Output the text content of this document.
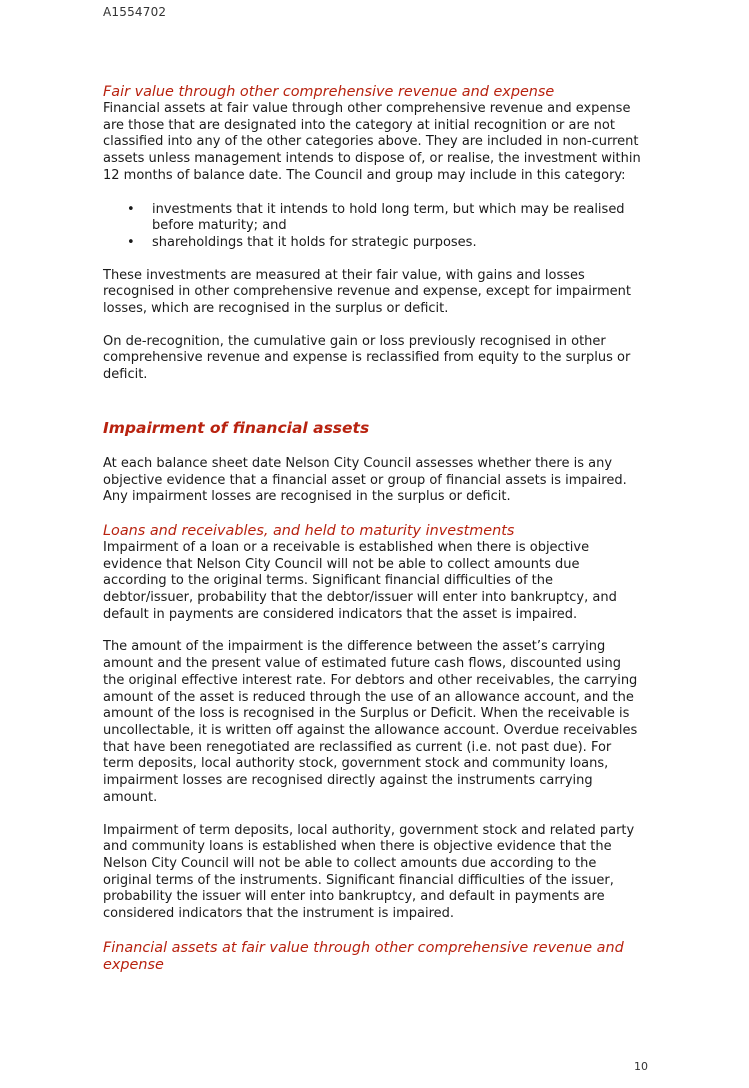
A1554702

Fair value through other comprehensive revenue and expense

Financial assets at fair value through other comprehensive revenue and expense are those that are designated into the category at initial recognition or are not classified into any of the other categories above. They are included in non-current assets unless management intends to dispose of, or realise, the investment within 12 months of balance date. The Council and group may include in this category:

• investments that it intends to hold long term, but which may be realised before maturity; and
• shareholdings that it holds for strategic purposes.

These investments are measured at their fair value, with gains and losses recognised in other comprehensive revenue and expense, except for impairment losses, which are recognised in the surplus or deficit.

On de-recognition, the cumulative gain or loss previously recognised in other comprehensive revenue and expense is reclassified from equity to the surplus or deficit.

Impairment of financial assets

At each balance sheet date Nelson City Council assesses whether there is any objective evidence that a financial asset or group of financial assets is impaired. Any impairment losses are recognised in the surplus or deficit.

Loans and receivables, and held to maturity investments

Impairment of a loan or a receivable is established when there is objective evidence that Nelson City Council will not be able to collect amounts due according to the original terms. Significant financial difficulties of the debtor/issuer, probability that the debtor/issuer will enter into bankruptcy, and default in payments are considered indicators that the asset is impaired.

The amount of the impairment is the difference between the asset’s carrying amount and the present value of estimated future cash flows, discounted using the original effective interest rate. For debtors and other receivables, the carrying amount of the asset is reduced through the use of an allowance account, and the amount of the loss is recognised in the Surplus or Deficit. When the receivable is uncollectable, it is written off against the allowance account. Overdue receivables that have been renegotiated are reclassified as current (i.e. not past due). For term deposits, local authority stock, government stock and community loans, impairment losses are recognised directly against the instruments carrying amount.

Impairment of term deposits, local authority, government stock and related party and community loans is established when there is objective evidence that the Nelson City Council will not be able to collect amounts due according to the original terms of the instruments. Significant financial difficulties of the issuer, probability the issuer will enter into bankruptcy, and default in payments are considered indicators that the instrument is impaired.

Financial assets at fair value through other comprehensive revenue and expense

10
